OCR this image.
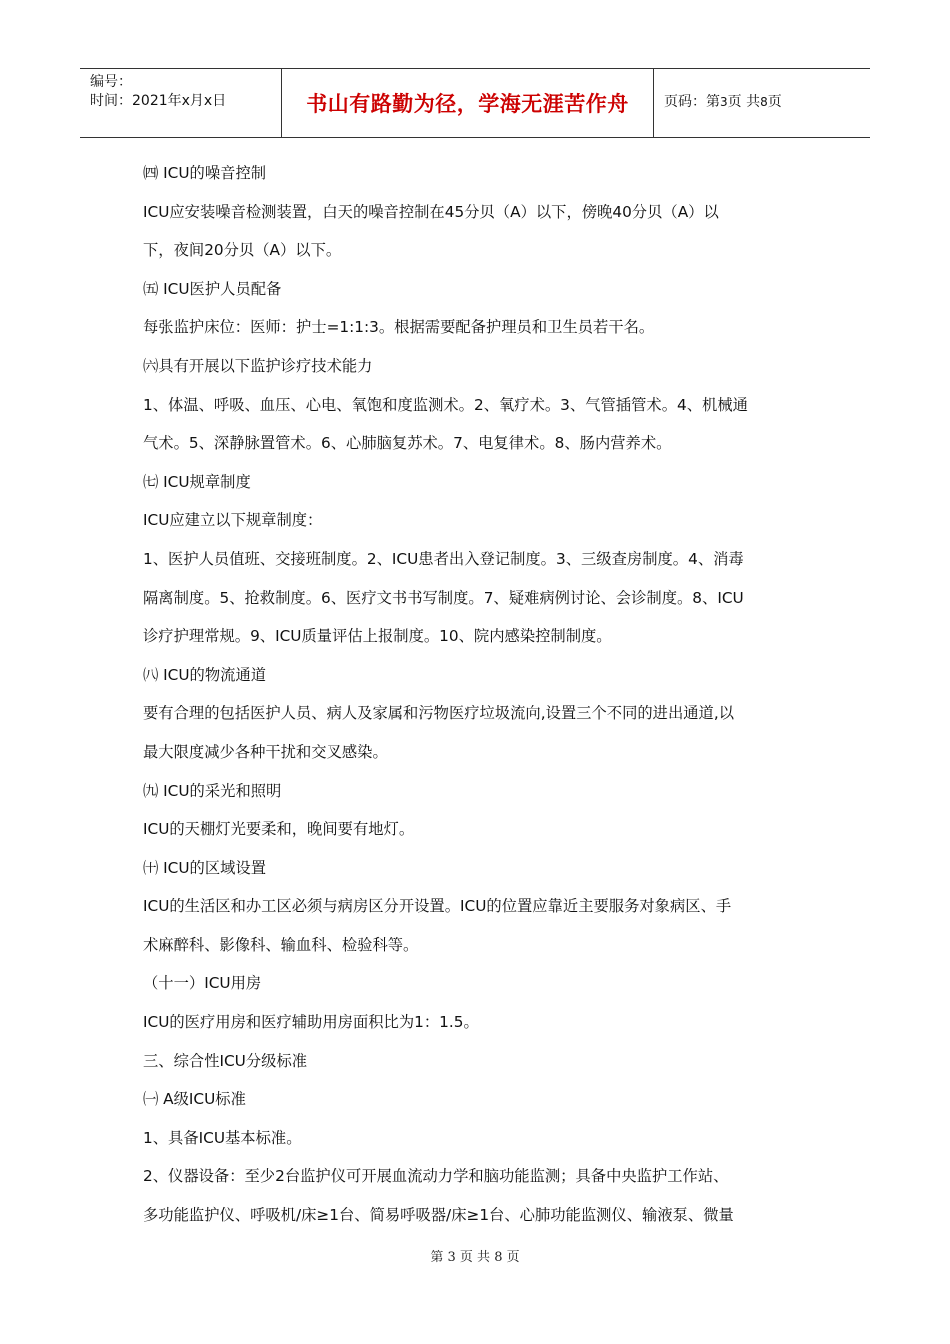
编号：
时间：2021年x月x日	书山有路勤为径，学海无涯苦作舟	页码：第3页 共8页
㈣ ICU的噪音控制
ICU应安装噪音检测装置，白天的噪音控制在45分贝（A）以下，傍晚40分贝（A）以
下，夜间20分贝（A）以下。
㈤ ICU医护人员配备
每张监护床位：医师：护士=1:1:3。根据需要配备护理员和卫生员若干名。
㈥具有开展以下监护诊疗技术能力
1、体温、呼吸、血压、心电、氧饱和度监测术。2、氧疗术。3、气管插管术。4、机械通
气术。5、深静脉置管术。6、心肺脑复苏术。7、电复律术。8、肠内营养术。
㈦ ICU规章制度
ICU应建立以下规章制度：
1、医护人员值班、交接班制度。2、ICU患者出入登记制度。3、三级查房制度。4、消毒
隔离制度。5、抢救制度。6、医疗文书书写制度。7、疑难病例讨论、会诊制度。8、ICU
诊疗护理常规。9、ICU质量评估上报制度。10、院内感染控制制度。
㈧ ICU的物流通道
要有合理的包括医护人员、病人及家属和污物医疗垃圾流向,设置三个不同的进出通道,以
最大限度减少各种干扰和交叉感染。
㈨ ICU的采光和照明
ICU的天棚灯光要柔和，晚间要有地灯。
㈩ ICU的区域设置
ICU的生活区和办工区必须与病房区分开设置。ICU的位置应靠近主要服务对象病区、手
术麻醉科、影像科、输血科、检验科等。
（十一）ICU用房
ICU的医疗用房和医疗辅助用房面积比为1：1.5。
三、综合性ICU分级标准
㈠ A级ICU标准
1、具备ICU基本标准。
2、仪器设备：至少2台监护仪可开展血流动力学和脑功能监测；具备中央监护工作站、
多功能监护仪、呼吸机/床≥1台、简易呼吸器/床≥1台、心肺功能监测仪、输液泵、微量
第 3 页 共 8 页
